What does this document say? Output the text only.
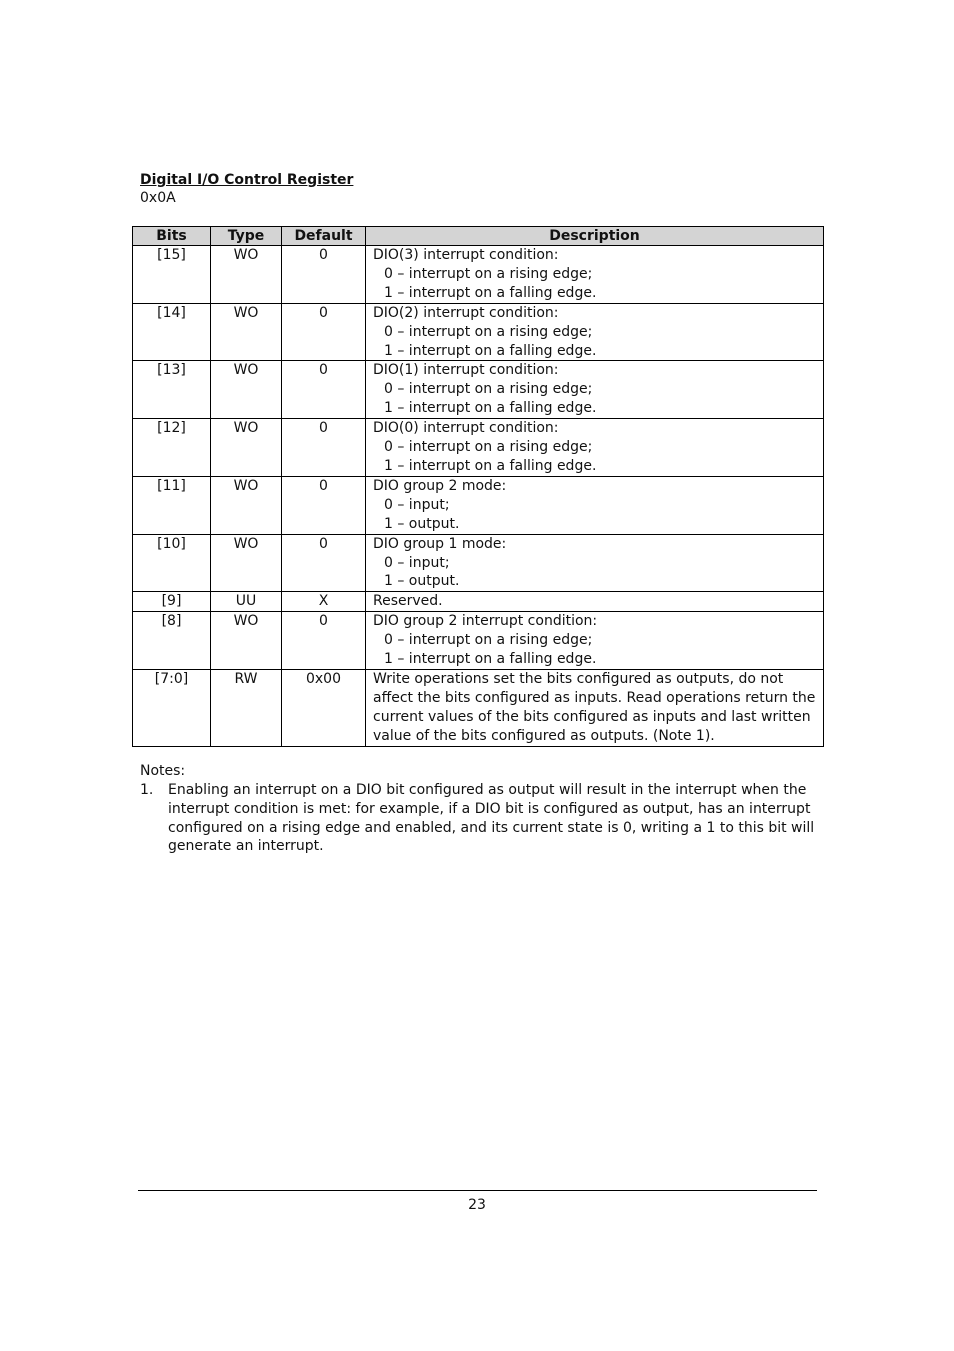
Digital I/O Control Register
0x0A
Bits	Type	Default	Description
[15]	WO	0	DIO(3) interrupt condition:
0 – interrupt on a rising edge;
1 – interrupt on a falling edge.

[14]	WO	0	DIO(2) interrupt condition:
0 – interrupt on a rising edge;
1 – interrupt on a falling edge.

[13]	WO	0	DIO(1) interrupt condition:
0 – interrupt on a rising edge;
1 – interrupt on a falling edge.

[12]	WO	0	DIO(0) interrupt condition:
0 – interrupt on a rising edge;
1 – interrupt on a falling edge.

[11]	WO	0	DIO group 2 mode:
0 – input;
1 – output.

[10]	WO	0	DIO group 1 mode:
0 – input;
1 – output.

[9]	UU	X	Reserved.

[8]	WO	0	DIO group 2 interrupt condition:
0 – interrupt on a rising edge;
1 – interrupt on a falling edge.

[7:0]	RW	0x00	Write operations set the bits configured as outputs, do not affect the bits configured as inputs. Read operations return the current values of the bits configured as inputs and last written value of the bits configured as outputs. (Note 1).
Notes:
1. Enabling an interrupt on a DIO bit configured as output will result in the interrupt when the interrupt condition is met: for example, if a DIO bit is configured as output, has an interrupt configured on a rising edge and enabled, and its current state is 0, writing a 1 to this bit will generate an interrupt.
23
